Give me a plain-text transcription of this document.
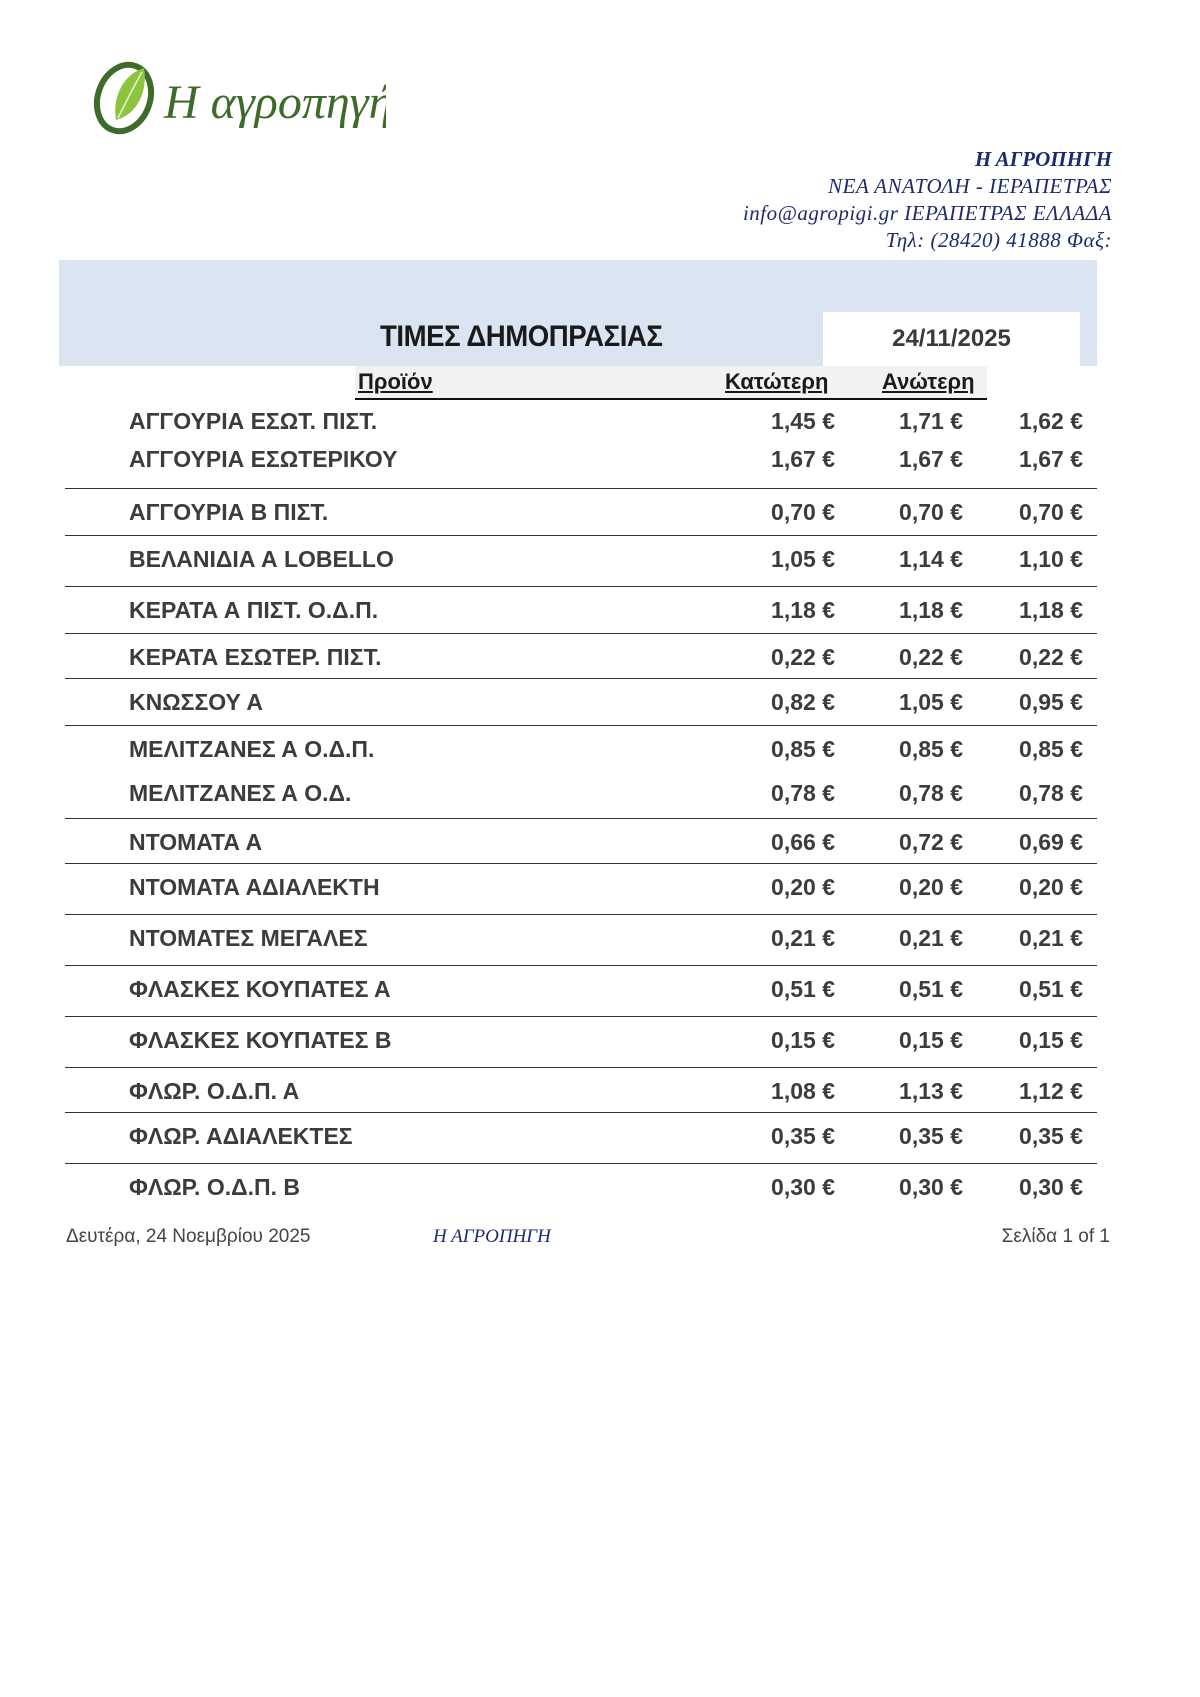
Η αγροπηγή
Η ΑΓΡΟΠΗΓΗ
ΝΕΑ ΑΝΑΤΟΛΗ - ΙΕΡΑΠΕΤΡΑΣ
info@agropigi.gr ΙΕΡΑΠΕΤΡΑΣ ΕΛΛΑΔΑ
Τηλ: (28420) 41888 Φαξ:
ΤΙΜΕΣ ΔΗΜΟΠΡΑΣΙΑΣ	24/11/2025
Προϊόν	Κατώτερη Ανώτερη
ΑΓΓΟΥΡΙΑ ΕΣΩΤ. ΠΙΣΤ.	1,45 €	1,71 € 1,62 €
ΑΓΓΟΥΡΙΑ ΕΣΩΤΕΡΙΚΟΥ	1,67 €	1,67 € 1,67 €
ΑΓΓΟΥΡΙΑ Β ΠΙΣΤ.	0,70 €	0,70 € 0,70 €
ΒΕΛΑΝΙΔΙΑ Α LOBELLO	1,05 €	1,14 € 1,10 €
ΚΕΡΑΤΑ Α ΠΙΣΤ. Ο.Δ.Π.	1,18 €	1,18 € 1,18 €
ΚΕΡΑΤΑ ΕΣΩΤΕΡ. ΠΙΣΤ.	0,22 €	0,22 € 0,22 €
ΚΝΩΣΣΟΥ Α	0,82 €	1,05 € 0,95 €
ΜΕΛΙΤΖΑΝΕΣ Α Ο.Δ.Π.	0,85 €	0,85 € 0,85 €
ΜΕΛΙΤΖΑΝΕΣ Α Ο.Δ.	0,78 €	0,78 € 0,78 €
ΝΤΟΜΑΤΑ Α	0,66 €	0,72 € 0,69 €
ΝΤΟΜΑΤΑ ΑΔΙΑΛΕΚΤΗ	0,20 €	0,20 € 0,20 €
ΝΤΟΜΑΤΕΣ ΜΕΓΑΛΕΣ	0,21 €	0,21 € 0,21 €
ΦΛΑΣΚΕΣ ΚΟΥΠΑΤΕΣ Α	0,51 €	0,51 € 0,51 €
ΦΛΑΣΚΕΣ ΚΟΥΠΑΤΕΣ Β	0,15 €	0,15 € 0,15 €
ΦΛΩΡ. Ο.Δ.Π. Α	1,08 €	1,13 € 1,12 €
ΦΛΩΡ. ΑΔΙΑΛΕΚΤΕΣ	0,35 €	0,35 € 0,35 €
ΦΛΩΡ. Ο.Δ.Π. Β	0,30 €	0,30 € 0,30 €
Δευτέρα, 24 Νοεμβρίου 2025	Η ΑΓΡΟΠΗΓΗ	Σελίδα 1 of 1
